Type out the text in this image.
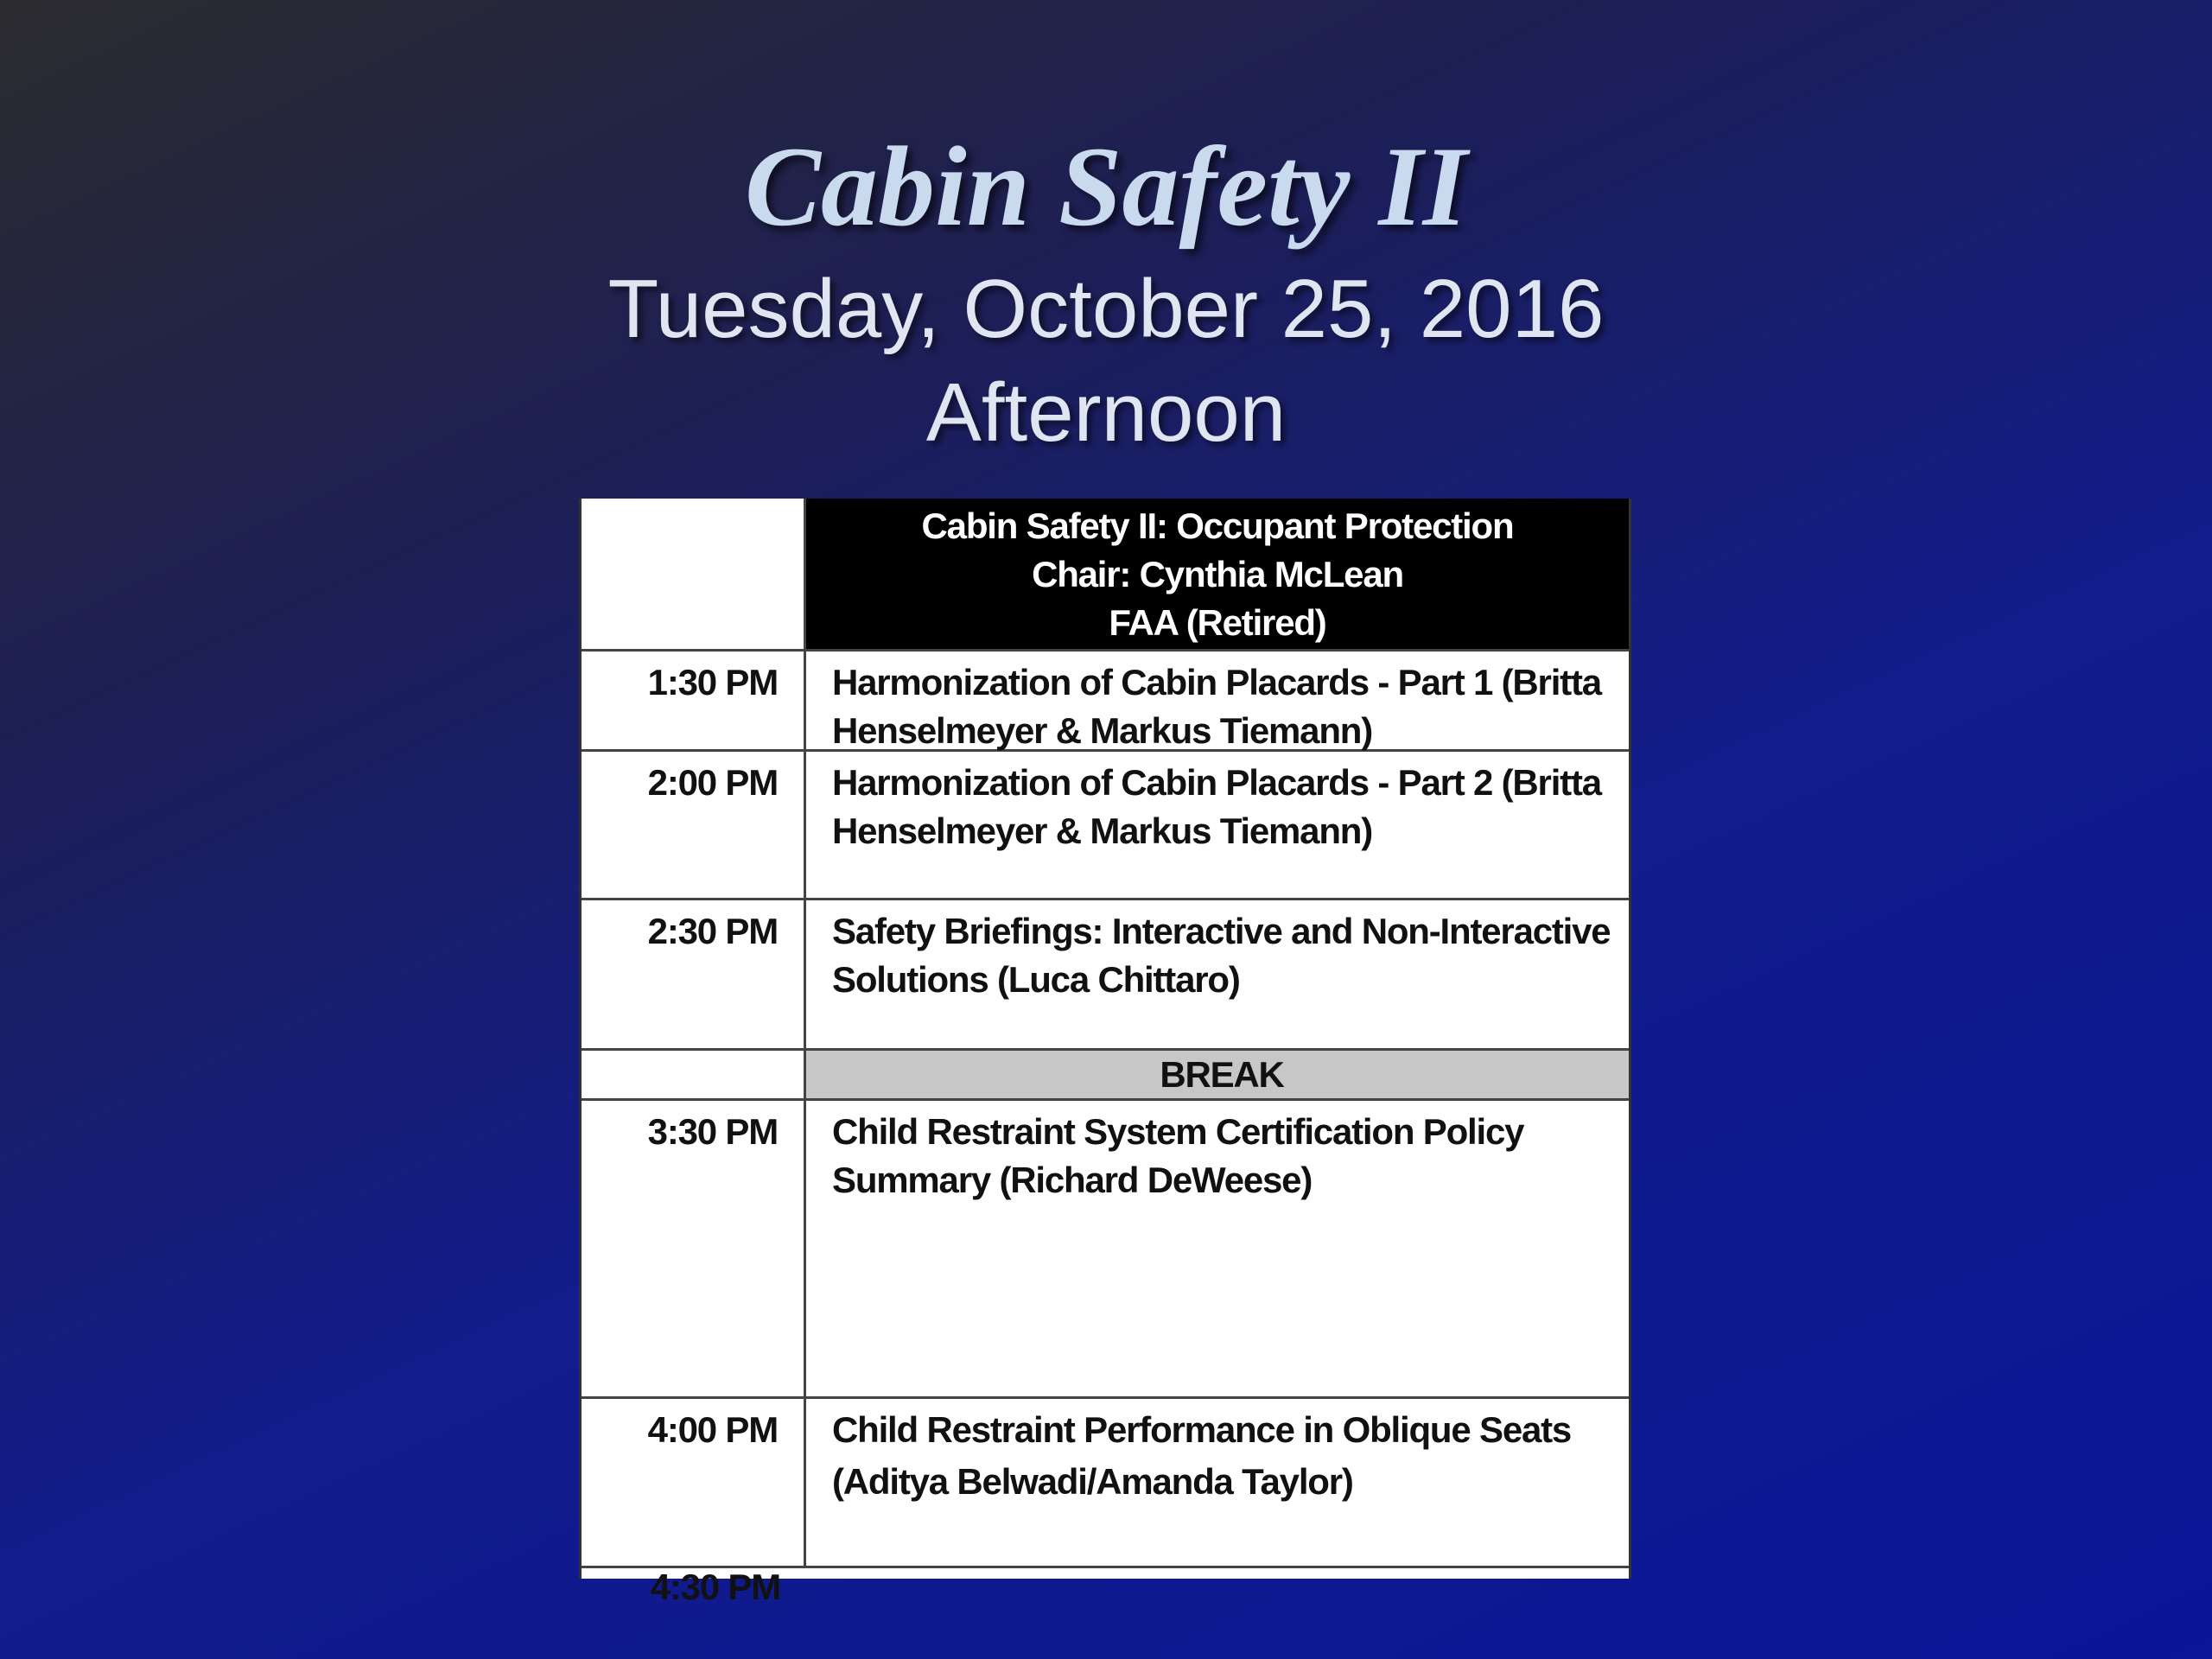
Cabin Safety II
Tuesday, October 25, 2016
Afternoon
Cabin Safety II: Occupant Protection
Chair: Cynthia McLean
FAA (Retired)
1:30 PM	Harmonization of Cabin Placards - Part 1 (Britta
Henselmeyer & Markus Tiemann)
2:00 PM	Harmonization of Cabin Placards - Part 2 (Britta
Henselmeyer & Markus Tiemann)
2:30 PM	Safety Briefings: Interactive and Non-Interactive
Solutions (Luca Chittaro)
BREAK
3:30 PM	Child Restraint System Certification Policy
Summary (Richard DeWeese)
4:00 PM	Child Restraint Performance in Oblique Seats
(Aditya Belwadi/Amanda Taylor)
4:30 PM
